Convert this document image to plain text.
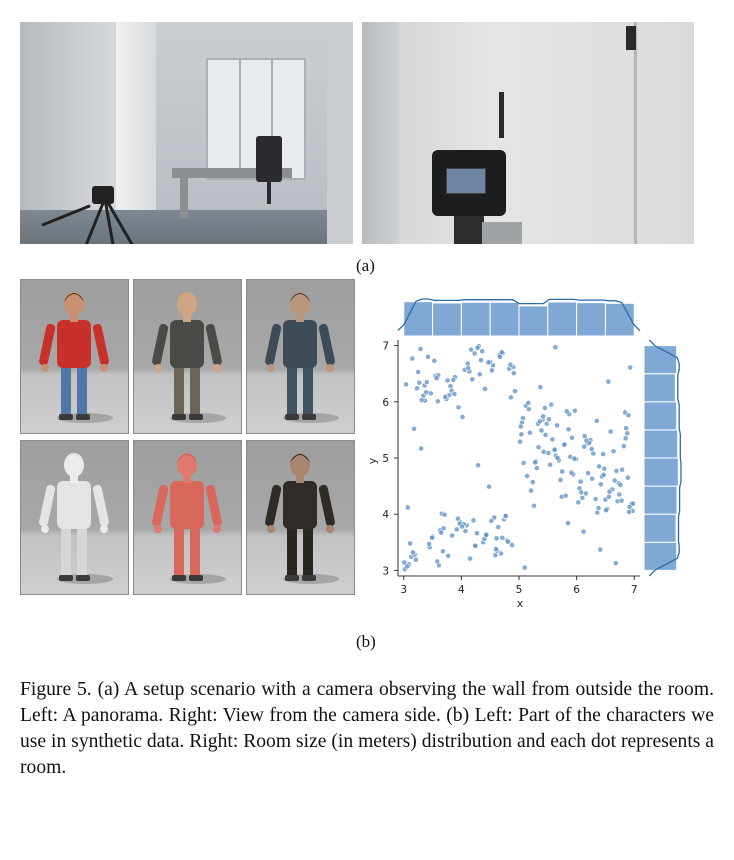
(a)
3	4	5	6	7
3
4
5
6
7
x
y
(b)
Figure 5. (a) A setup scenario with a camera observing the wall from outside the room. Left: A panorama. Right: View from the camera side. (b) Left: Part of the characters we use in synthetic data. Right: Room size (in meters) distribution and each dot represents a room.
